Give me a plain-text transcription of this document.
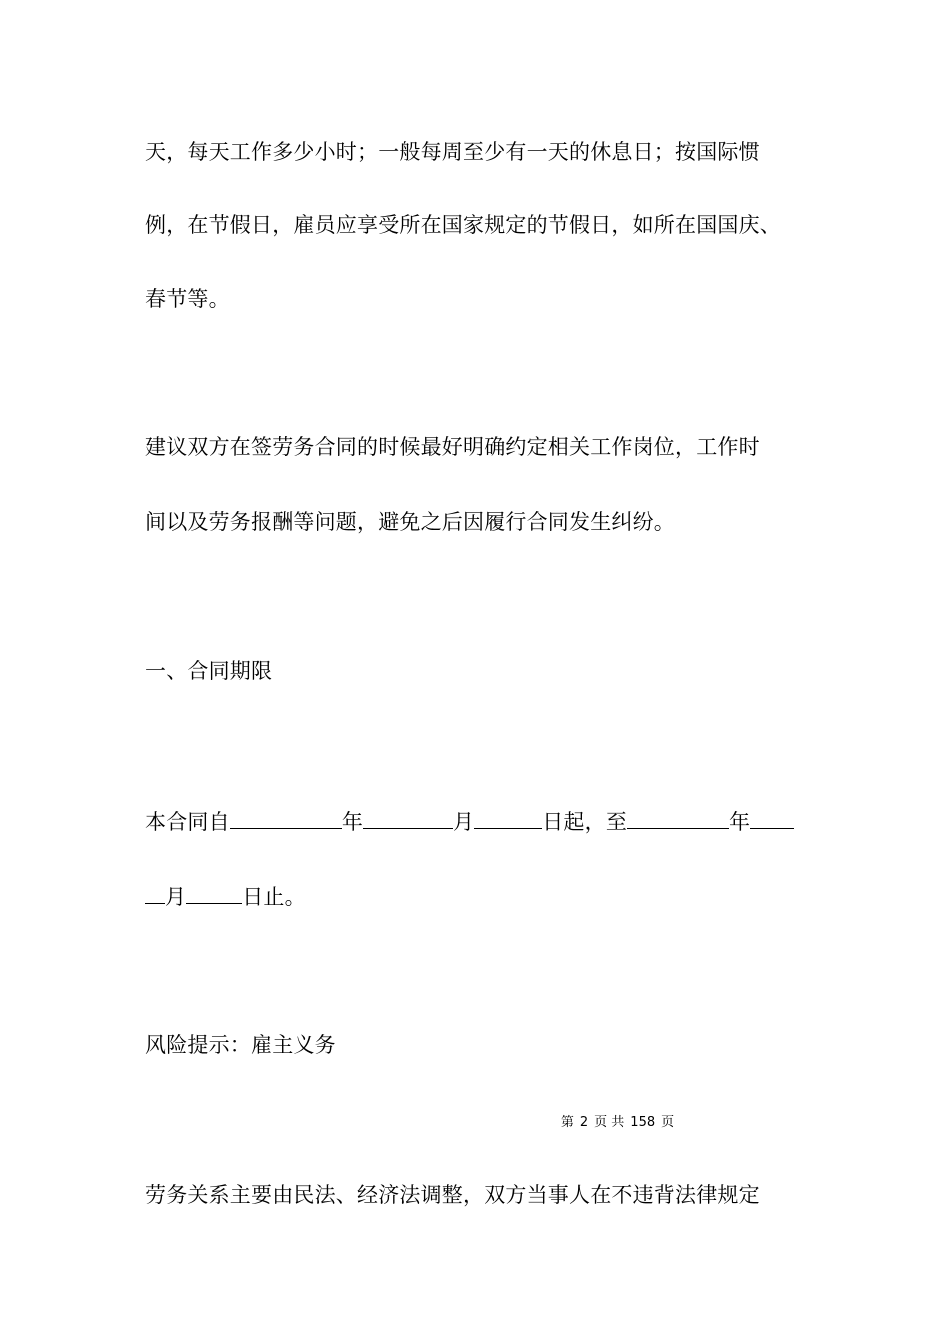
天，每天工作多少小时；一般每周至少有一天的休息日；按国际惯
例，在节假日，雇员应享受所在国家规定的节假日，如所在国国庆、
春节等。
建议双方在签劳务合同的时候最好明确约定相关工作岗位，工作时
间以及劳务报酬等问题，避免之后因履行合同发生纠纷。
一、合同期限
本合同自	年	月	日起，至	年
月	日止。
风险提示：雇主义务
第 2 页 共 158 页
劳务关系主要由民法、经济法调整，双方当事人在不违背法律规定
